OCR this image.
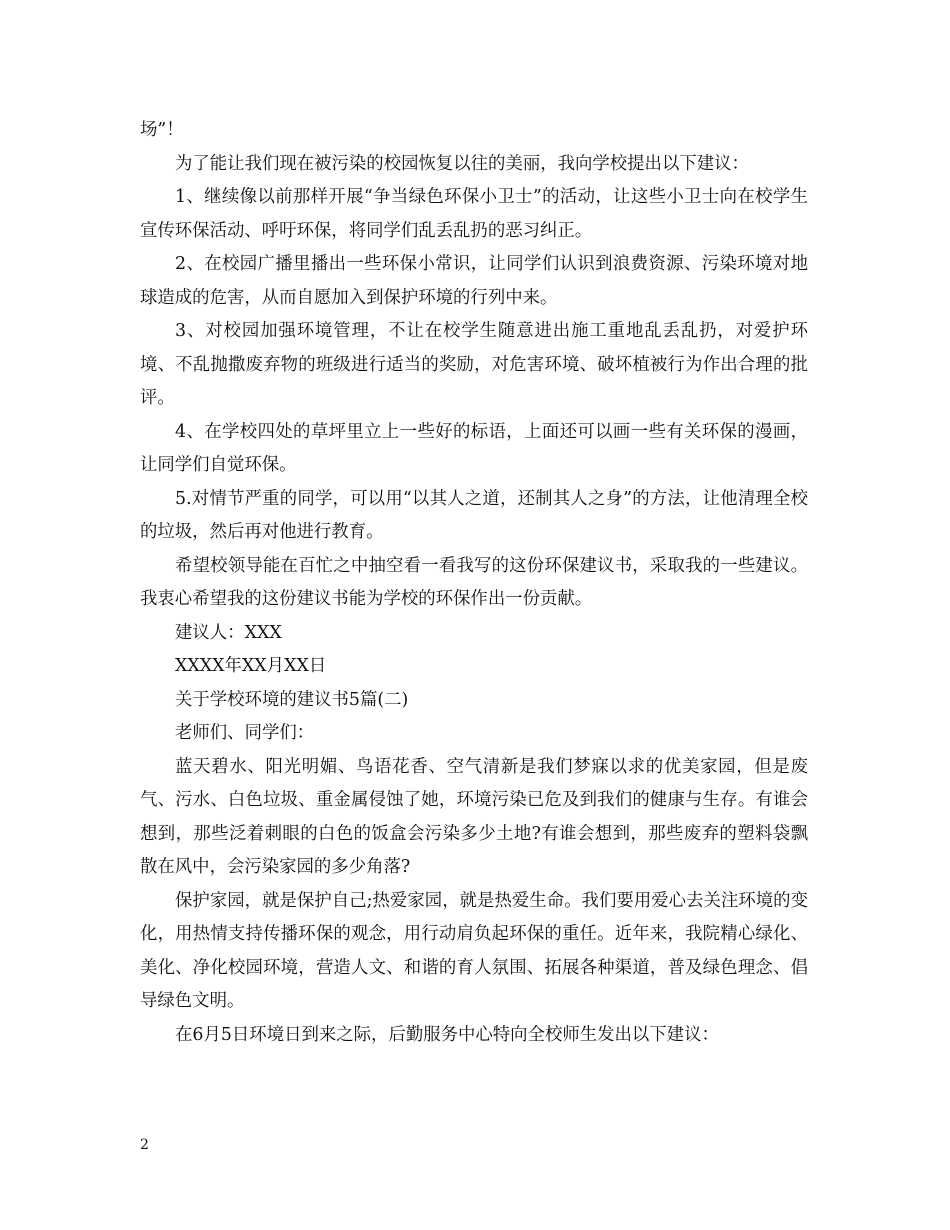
场”！

为了能让我们现在被污染的校园恢复以往的美丽，我向学校提出以下建议：

1、继续像以前那样开展“争当绿色环保小卫士”的活动，让这些小卫士向在校学生宣传环保活动、呼吁环保，将同学们乱丢乱扔的恶习纠正。

2、在校园广播里播出一些环保小常识，让同学们认识到浪费资源、污染环境对地球造成的危害，从而自愿加入到保护环境的行列中来。

3、对校园加强环境管理，不让在校学生随意进出施工重地乱丢乱扔，对爱护环境、不乱抛撒废弃物的班级进行适当的奖励，对危害环境、破坏植被行为作出合理的批评。

4、在学校四处的草坪里立上一些好的标语，上面还可以画一些有关环保的漫画，让同学们自觉环保。

5.对情节严重的同学，可以用“以其人之道，还制其人之身”的方法，让他清理全校的垃圾，然后再对他进行教育。

希望校领导能在百忙之中抽空看一看我写的这份环保建议书，采取我的一些建议。我衷心希望我的这份建议书能为学校的环保作出一份贡献。

建议人：XXX

XXXX年XX月XX日

关于学校环境的建议书5篇(二)

老师们、同学们：

蓝天碧水、阳光明媚、鸟语花香、空气清新是我们梦寐以求的优美家园，但是废气、污水、白色垃圾、重金属侵蚀了她，环境污染已危及到我们的健康与生存。有谁会想到，那些泛着刺眼的白色的饭盒会污染多少土地?有谁会想到，那些废弃的塑料袋飘散在风中，会污染家园的多少角落?

保护家园，就是保护自己;热爱家园，就是热爱生命。我们要用爱心去关注环境的变化，用热情支持传播环保的观念，用行动肩负起环保的重任。近年来，我院精心绿化、美化、净化校园环境，营造人文、和谐的育人氛围、拓展各种渠道，普及绿色理念、倡导绿色文明。

在6月5日环境日到来之际，后勤服务中心特向全校师生发出以下建议：

2
